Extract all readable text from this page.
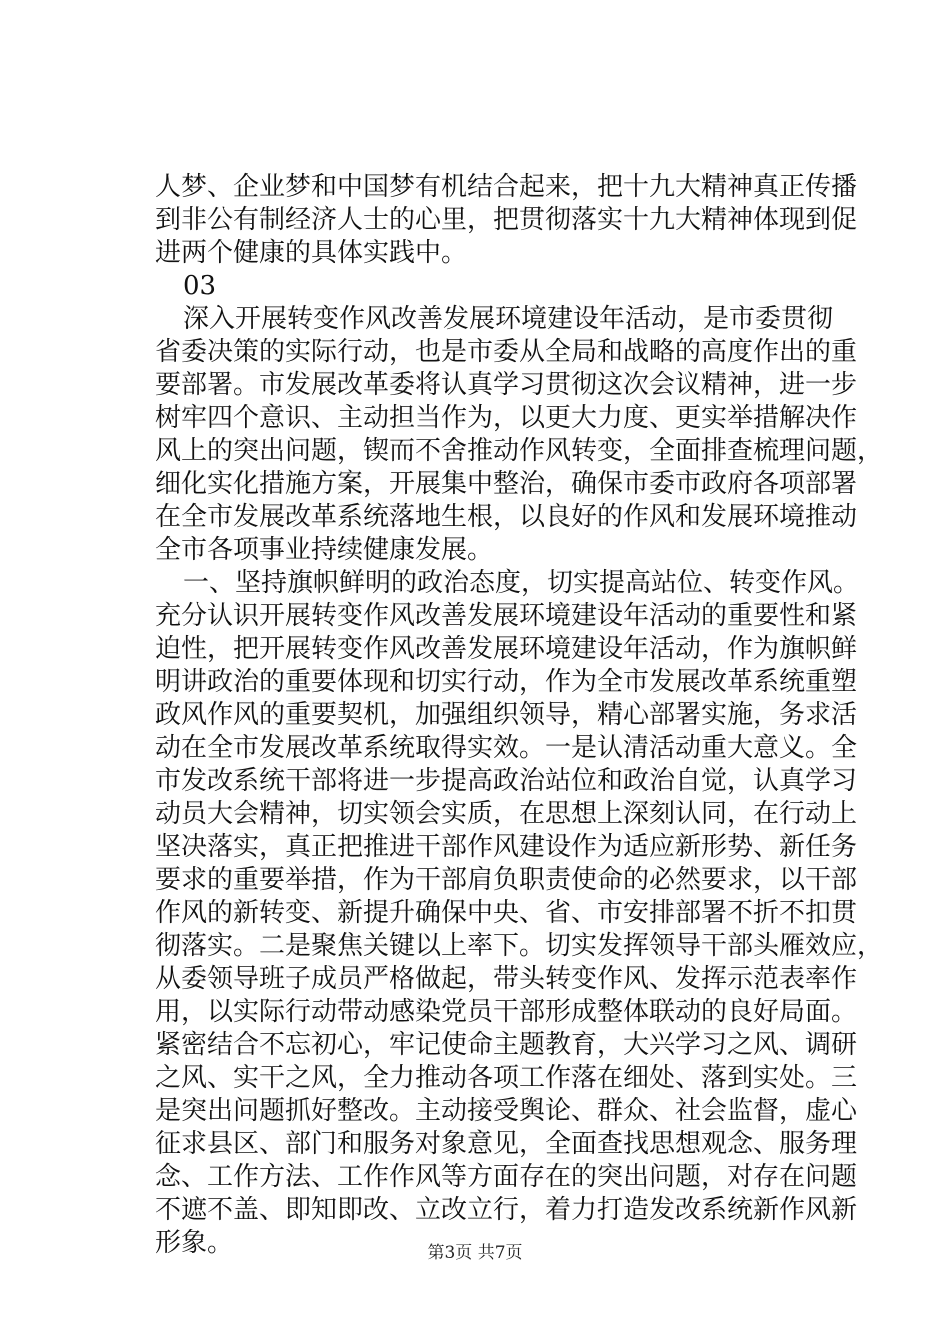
人梦、企业梦和中国梦有机结合起来，把十九大精神真正传播
到非公有制经济人士的心里，把贯彻落实十九大精神体现到促
进两个健康的具体实践中。
03
深入开展转变作风改善发展环境建设年活动，是市委贯彻
省委决策的实际行动，也是市委从全局和战略的高度作出的重
要部署。市发展改革委将认真学习贯彻这次会议精神，进一步
树牢四个意识、主动担当作为，以更大力度、更实举措解决作
风上的突出问题，锲而不舍推动作风转变，全面排查梳理问题，
细化实化措施方案，开展集中整治，确保市委市政府各项部署
在全市发展改革系统落地生根，以良好的作风和发展环境推动
全市各项事业持续健康发展。
一、坚持旗帜鲜明的政治态度，切实提高站位、转变作风。
充分认识开展转变作风改善发展环境建设年活动的重要性和紧
迫性，把开展转变作风改善发展环境建设年活动，作为旗帜鲜
明讲政治的重要体现和切实行动，作为全市发展改革系统重塑
政风作风的重要契机，加强组织领导，精心部署实施，务求活
动在全市发展改革系统取得实效。一是认清活动重大意义。全
市发改系统干部将进一步提高政治站位和政治自觉，认真学习
动员大会精神，切实领会实质，在思想上深刻认同，在行动上
坚决落实，真正把推进干部作风建设作为适应新形势、新任务
要求的重要举措，作为干部肩负职责使命的必然要求，以干部
作风的新转变、新提升确保中央、省、市安排部署不折不扣贯
彻落实。二是聚焦关键以上率下。切实发挥领导干部头雁效应，
从委领导班子成员严格做起，带头转变作风、发挥示范表率作
用，以实际行动带动感染党员干部形成整体联动的良好局面。
紧密结合不忘初心，牢记使命主题教育，大兴学习之风、调研
之风、实干之风，全力推动各项工作落在细处、落到实处。三
是突出问题抓好整改。主动接受舆论、群众、社会监督，虚心
征求县区、部门和服务对象意见，全面查找思想观念、服务理
念、工作方法、工作作风等方面存在的突出问题，对存在问题
不遮不盖、即知即改、立改立行，着力打造发改系统新作风新
形象。	第3页 共7页
